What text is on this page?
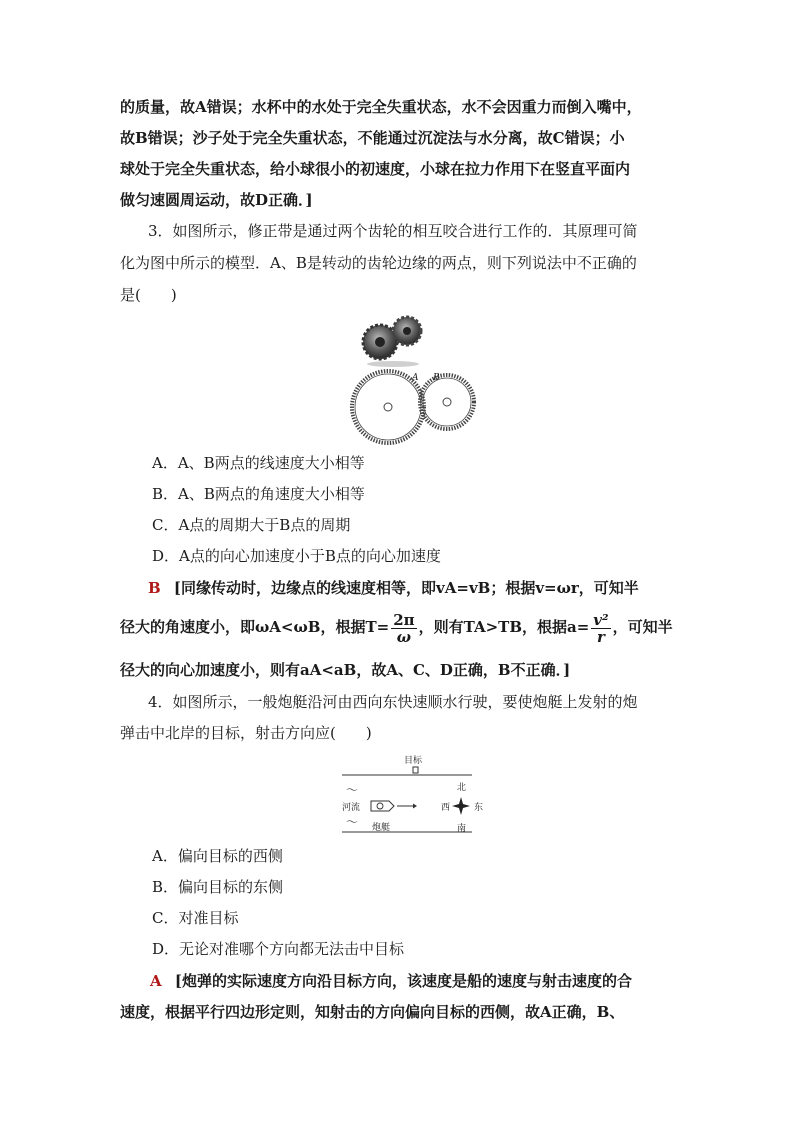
的质量，故A错误；水杯中的水处于完全失重状态，水不会因重力而倒入嘴中，
故B错误；沙子处于完全失重状态，不能通过沉淀法与水分离，故C错误；小
球处于完全失重状态，给小球很小的初速度，小球在拉力作用下在竖直平面内
做匀速圆周运动，故D正确．]
3．如图所示，修正带是通过两个齿轮的相互咬合进行工作的．其原理可简
化为图中所示的模型．A、B是转动的齿轮边缘的两点，则下列说法中不正确的
是(　　)
A B
A．A、B两点的线速度大小相等
B．A、B两点的角速度大小相等
C．A点的周期大于B点的周期
D．A点的向心加速度小于B点的向心加速度
B [同缘传动时，边缘点的线速度相等，即vA=vB；根据v=ωr，可知半
径大的角速度小，即ωA<ωB，根据$T= \frac{2\pi}{\omega}$ ，则有TA>TB，根据$a= \frac{\text{v²}}{r}$ ，可知半
径大的向心加速度小，则有aA<aB，故A、C、D正确，B不正确．]
4．如图所示，一般炮艇沿河由西向东快速顺水行驶，要使炮艇上发射的炮
弹击中北岸的目标，射击方向应(　　)
目标
〜
河流
〜 炮艇
北
西	东
南
A．偏向目标的西侧
B．偏向目标的东侧
C．对准目标
D．无论对准哪个方向都无法击中目标
A [炮弹的实际速度方向沿目标方向，该速度是船的速度与射击速度的合
速度，根据平行四边形定则，知射击的方向偏向目标的西侧，故A正确，B、
